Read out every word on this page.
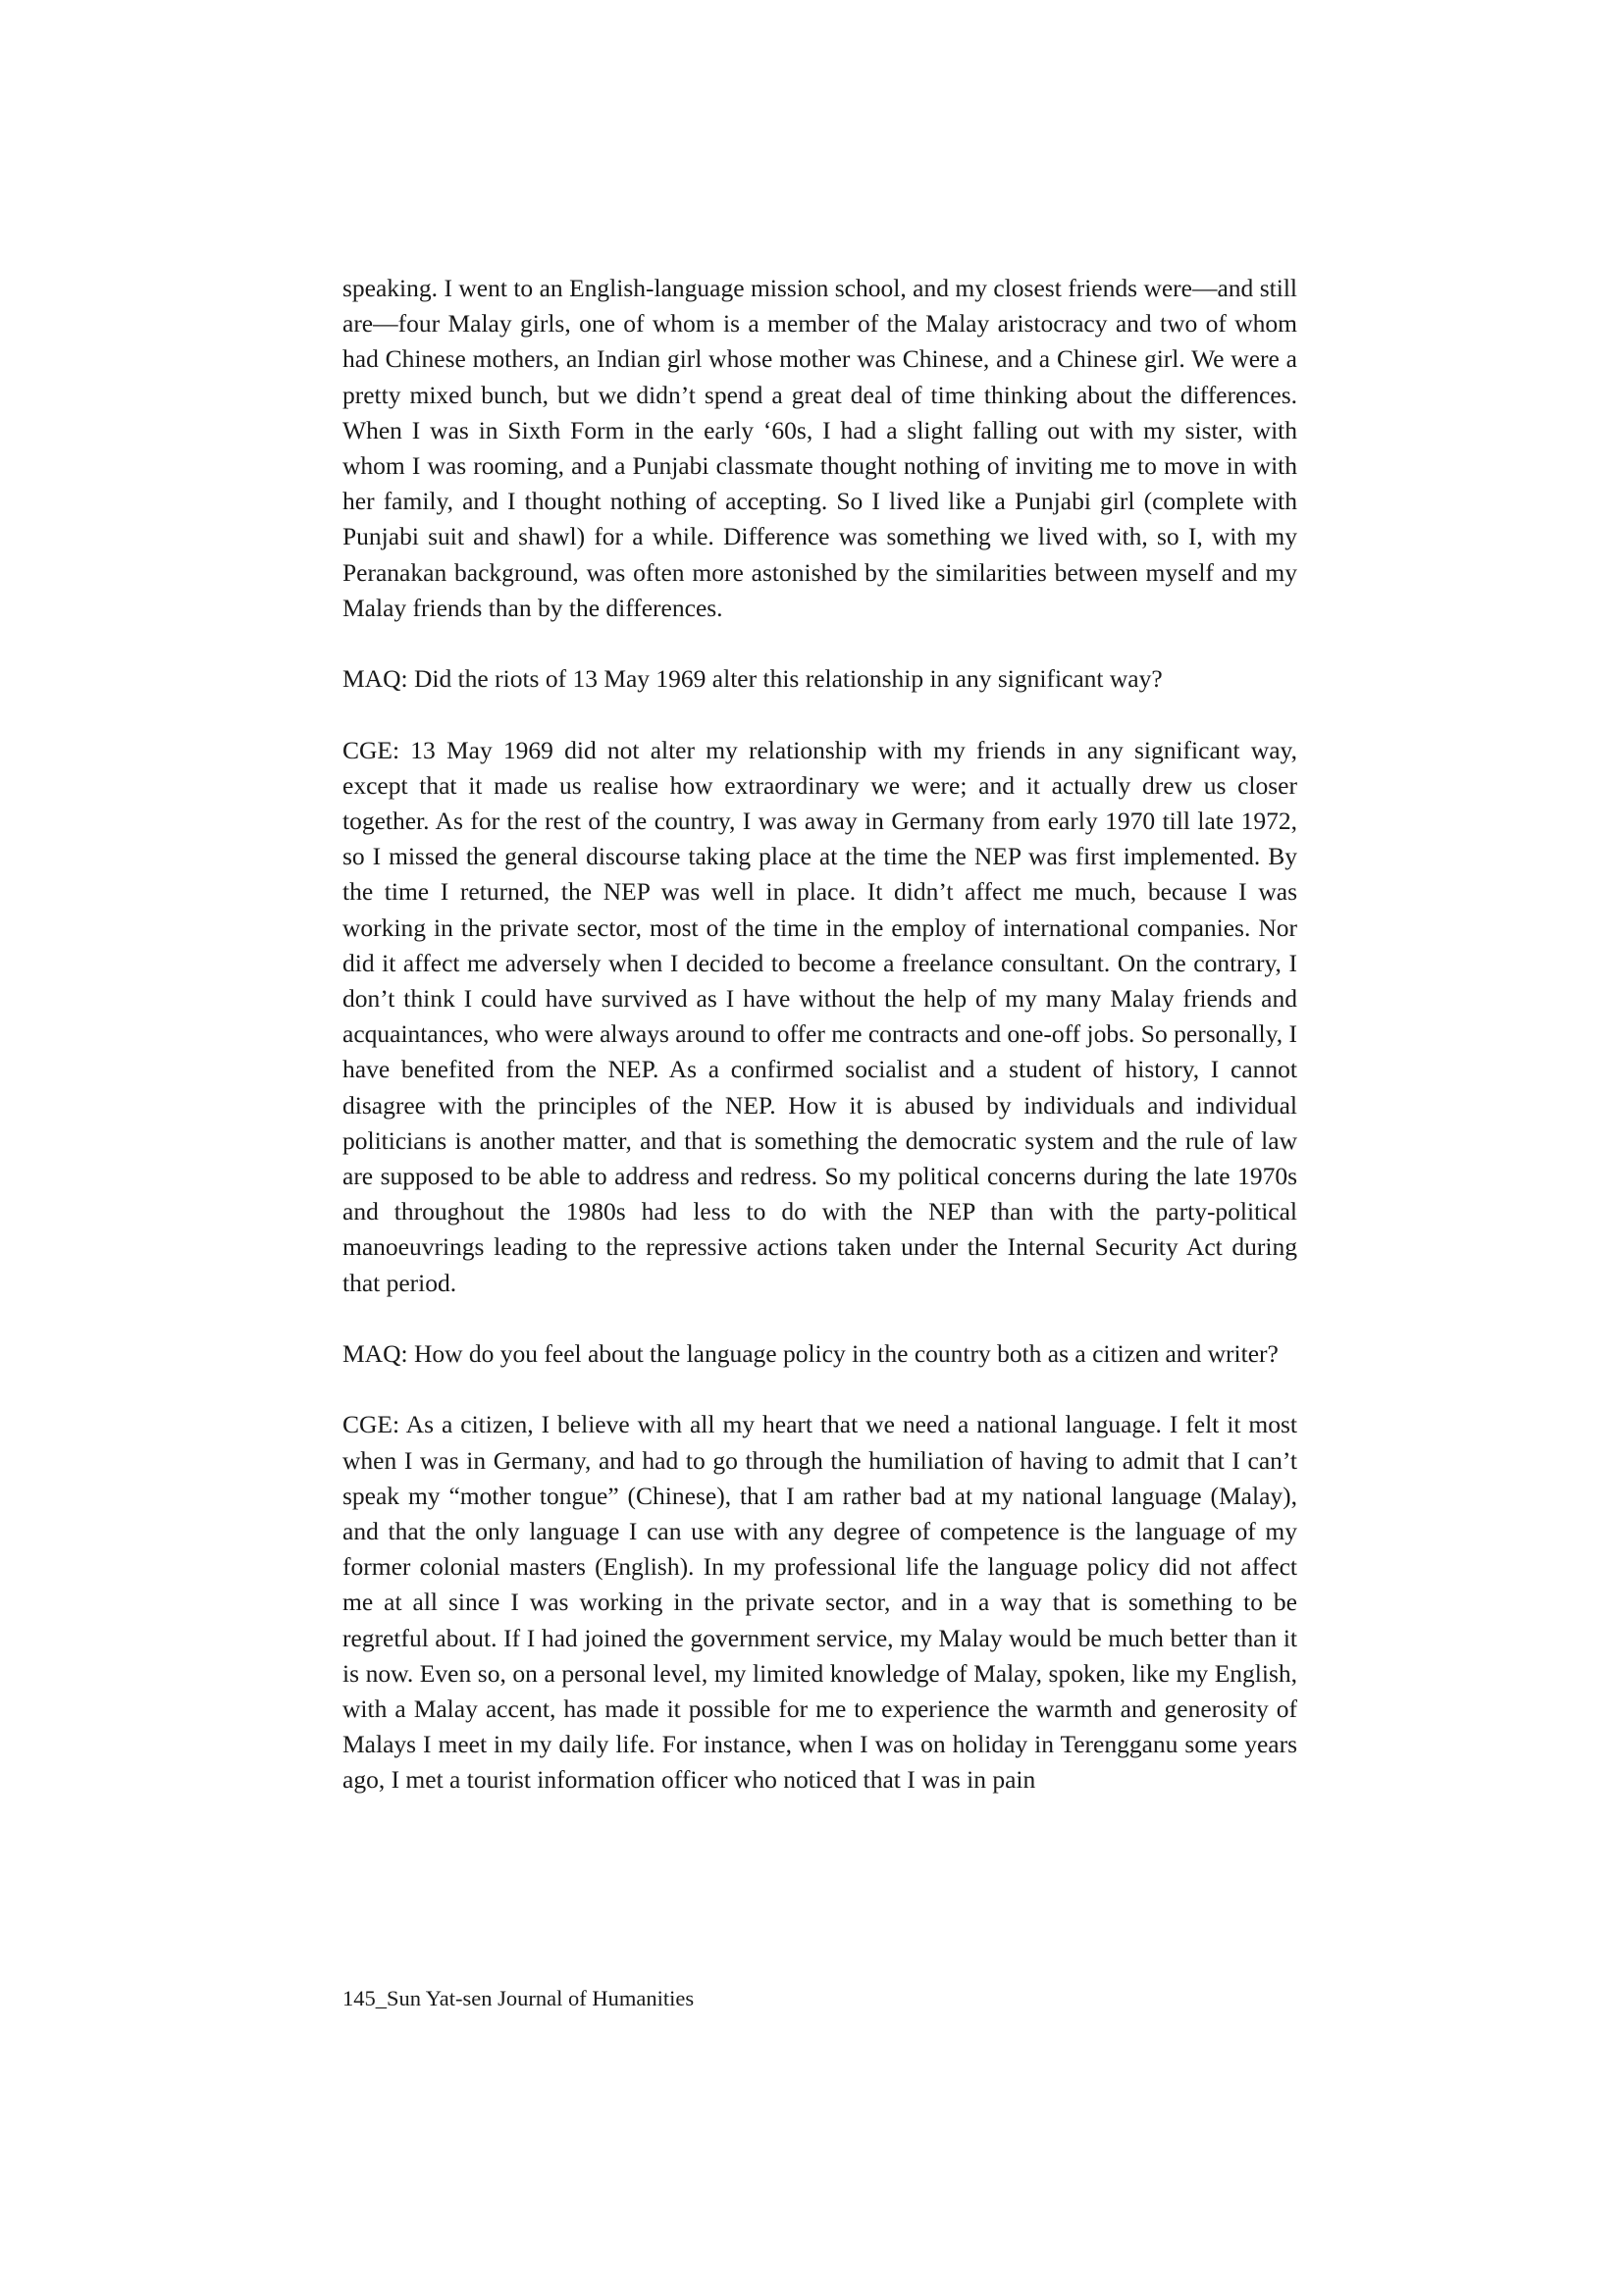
speaking. I went to an English-language mission school, and my closest friends were—and still are—four Malay girls, one of whom is a member of the Malay aristocracy and two of whom had Chinese mothers, an Indian girl whose mother was Chinese, and a Chinese girl. We were a pretty mixed bunch, but we didn’t spend a great deal of time thinking about the differences. When I was in Sixth Form in the early ‘60s, I had a slight falling out with my sister, with whom I was rooming, and a Punjabi classmate thought nothing of inviting me to move in with her family, and I thought nothing of accepting. So I lived like a Punjabi girl (complete with Punjabi suit and shawl) for a while. Difference was something we lived with, so I, with my Peranakan background, was often more astonished by the similarities between myself and my Malay friends than by the differences.

MAQ: Did the riots of 13 May 1969 alter this relationship in any significant way?

CGE: 13 May 1969 did not alter my relationship with my friends in any significant way, except that it made us realise how extraordinary we were; and it actually drew us closer together. As for the rest of the country, I was away in Germany from early 1970 till late 1972, so I missed the general discourse taking place at the time the NEP was first implemented. By the time I returned, the NEP was well in place. It didn’t affect me much, because I was working in the private sector, most of the time in the employ of international companies. Nor did it affect me adversely when I decided to become a freelance consultant. On the contrary, I don’t think I could have survived as I have without the help of my many Malay friends and acquaintances, who were always around to offer me contracts and one-off jobs. So personally, I have benefited from the NEP. As a confirmed socialist and a student of history, I cannot disagree with the principles of the NEP. How it is abused by individuals and individual politicians is another matter, and that is something the democratic system and the rule of law are supposed to be able to address and redress. So my political concerns during the late 1970s and throughout the 1980s had less to do with the NEP than with the party-political manoeuvrings leading to the repressive actions taken under the Internal Security Act during that period.

MAQ: How do you feel about the language policy in the country both as a citizen and writer?

CGE: As a citizen, I believe with all my heart that we need a national language. I felt it most when I was in Germany, and had to go through the humiliation of having to admit that I can’t speak my “mother tongue” (Chinese), that I am rather bad at my national language (Malay), and that the only language I can use with any degree of competence is the language of my former colonial masters (English). In my professional life the language policy did not affect me at all since I was working in the private sector, and in a way that is something to be regretful about. If I had joined the government service, my Malay would be much better than it is now. Even so, on a personal level, my limited knowledge of Malay, spoken, like my English, with a Malay accent, has made it possible for me to experience the warmth and generosity of Malays I meet in my daily life. For instance, when I was on holiday in Terengganu some years ago, I met a tourist information officer who noticed that I was in pain

145_Sun Yat-sen Journal of Humanities
